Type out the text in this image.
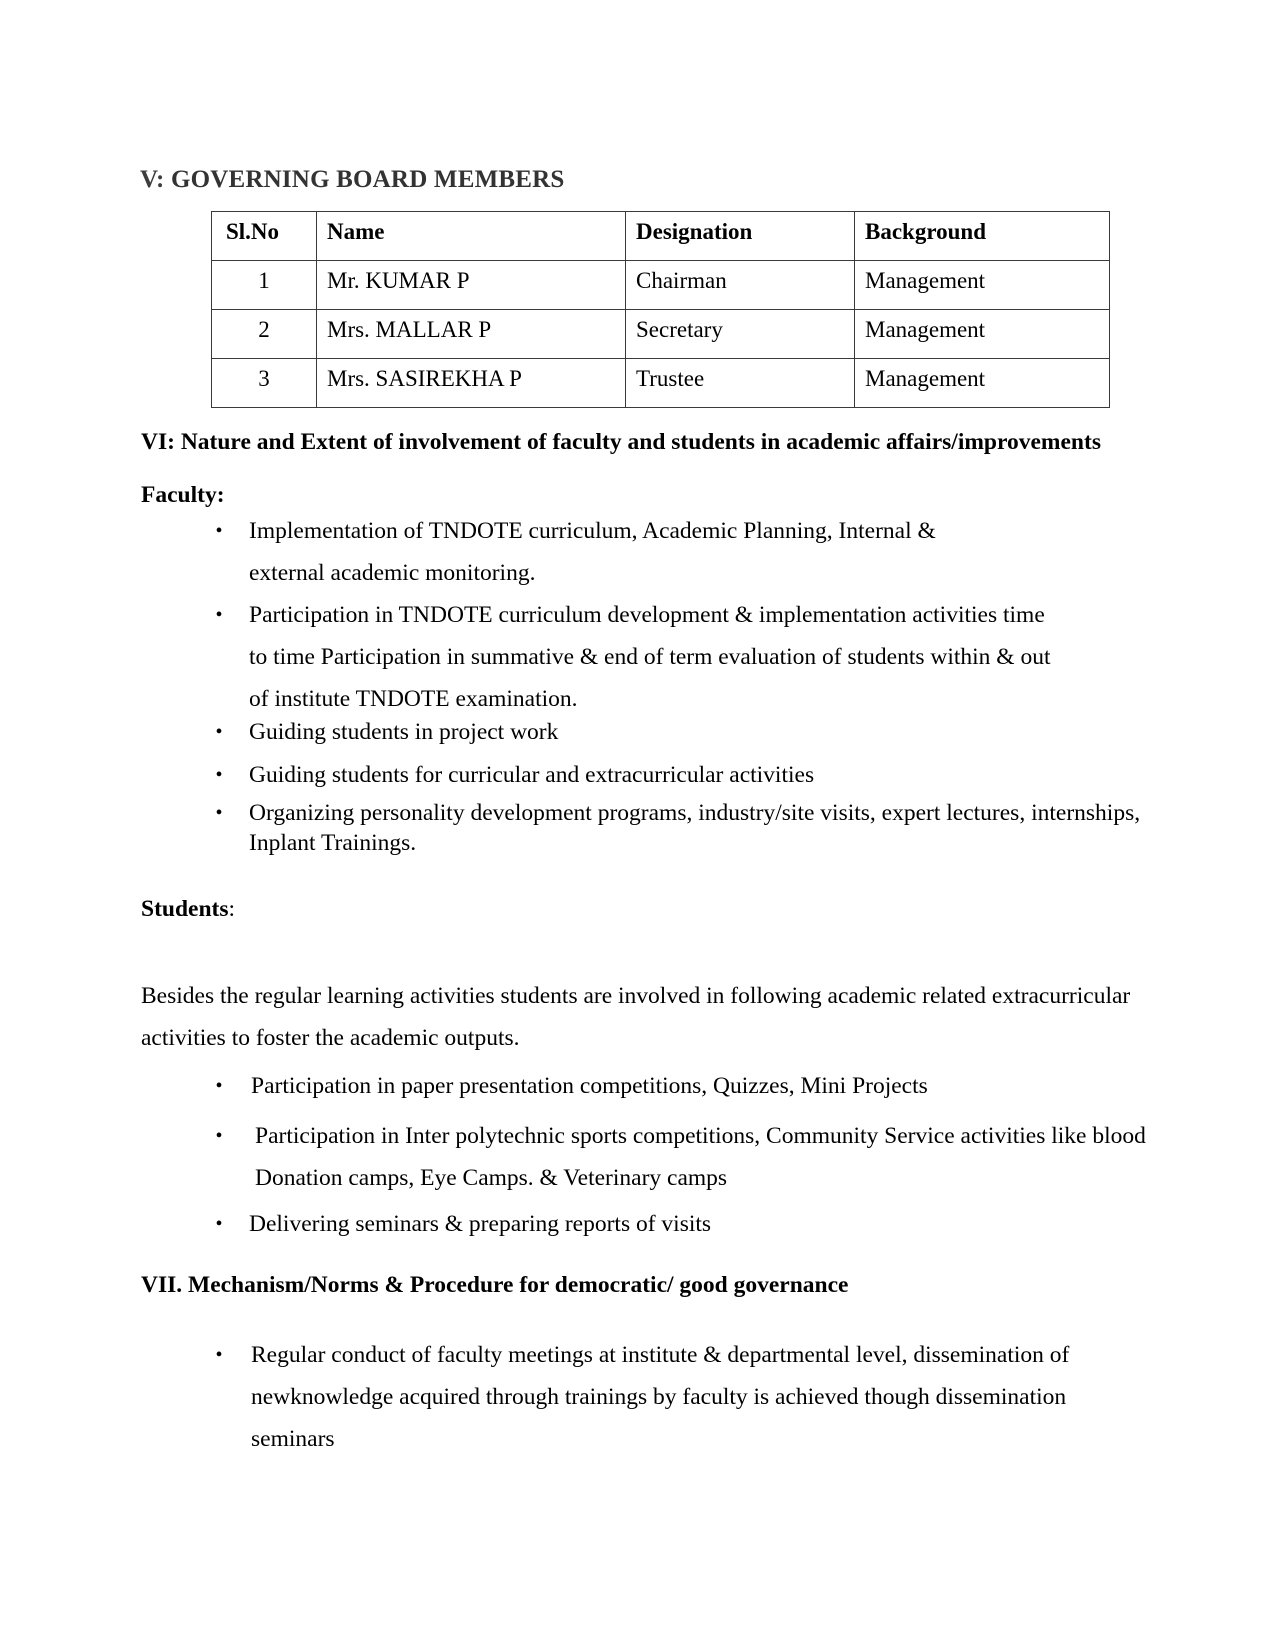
V: GOVERNING BOARD MEMBERS
Sl.No	Name	Designation	Background
1	Mr. KUMAR P	Chairman	Management
2	Mrs. MALLAR P	Secretary	Management
3	Mrs. SASIREKHA P	Trustee	Management
VI: Nature and Extent of involvement of faculty and students in academic affairs/improvements
Faculty:
• Implementation of TNDOTE curriculum, Academic Planning, Internal & external academic monitoring.
• Participation in TNDOTE curriculum development & implementation activities time to time Participation in summative & end of term evaluation of students within & out of institute TNDOTE examination.
• Guiding students in project work
• Guiding students for curricular and extracurricular activities
• Organizing personality development programs, industry/site visits, expert lectures, internships, Inplant Trainings.
Students:
Besides the regular learning activities students are involved in following academic related extracurricular activities to foster the academic outputs.
• Participation in paper presentation competitions, Quizzes, Mini Projects
• Participation in Inter polytechnic sports competitions, Community Service activities like blood Donation camps, Eye Camps. & Veterinary camps
• Delivering seminars & preparing reports of visits
VII. Mechanism/Norms & Procedure for democratic/ good governance
• Regular conduct of faculty meetings at institute & departmental level, dissemination of newknowledge acquired through trainings by faculty is achieved though dissemination seminars
